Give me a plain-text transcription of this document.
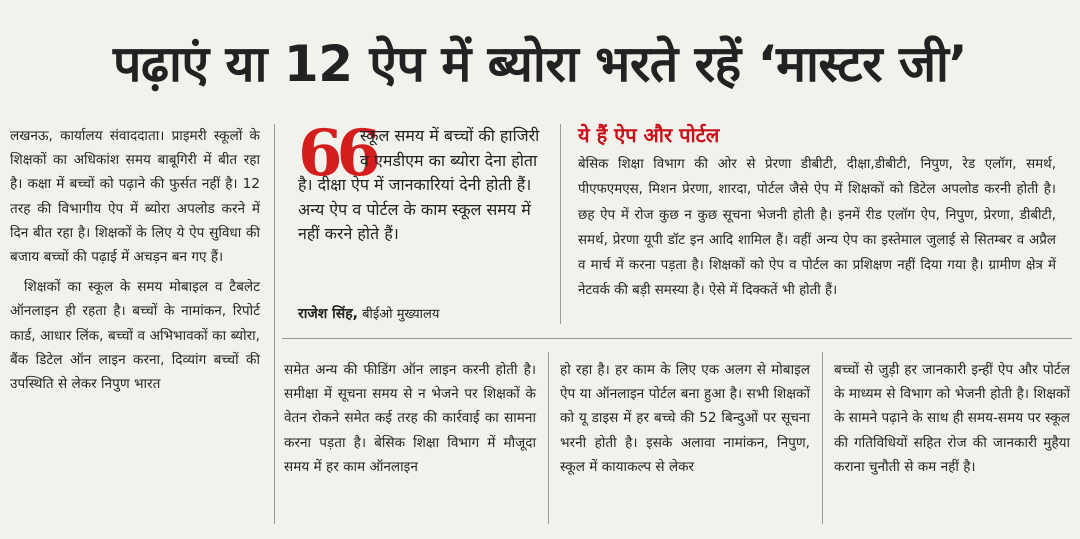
पढ़ाएं या 12 ऐप में ब्योरा भरते रहें ‘मास्टर जी’

लखनऊ, कार्यालय संवाददाता। प्राइमरी स्कूलों के शिक्षकों का अधिकांश समय बाबूगिरी में बीत रहा है। कक्षा में बच्चों को पढ़ाने की फुर्सत नहीं है। 12 तरह की विभागीय ऐप में ब्योरा अपलोड करने में दिन बीत रहा है। शिक्षकों के लिए ये ऐप सुविधा की बजाय बच्चों की पढ़ाई में अचड़न बन गए हैं।

शिक्षकों का स्कूल के समय मोबाइल व टैबलेट ऑनलाइन ही रहता है। बच्चों के नामांकन, रिपोर्ट कार्ड, आधार लिंक, बच्चों व अभिभावकों का ब्योरा, बैंक डिटेल ऑन लाइन करना, दिव्यांग बच्चों की उपस्थिति से लेकर निपुण भारत

66
स्कूल समय में बच्चों की हाजिरी व एमडीएम का ब्योरा देना होता है। दीक्षा ऐप में जानकारियां देनी होती हैं। अन्य ऐप व पोर्टल के काम स्कूल समय में नहीं करने होते हैं।
राजेश सिंह, बीईओ मुख्यालय
ये हैं ऐप और पोर्टल
बेसिक शिक्षा विभाग की ओर से प्रेरणा डीबीटी, दीक्षा,डीबीटी, निपुण, रेड एलॉग, समर्थ, पीएफएमएस, मिशन प्रेरणा, शारदा, पोर्टल जैसे ऐप में शिक्षकों को डिटेल अपलोड करनी होती है। छह ऐप में रोज कुछ न कुछ सूचना भेजनी होती है। इनमें रीड एलॉग ऐप, निपुण, प्रेरणा, डीबीटी, समर्थ, प्रेरणा यूपी डॉट इन आदि शामिल हैं। वहीं अन्य ऐप का इस्तेमाल जुलाई से सितम्बर व अप्रैल व मार्च में करना पड़ता है। शिक्षकों को ऐप व पोर्टल का प्रशिक्षण नहीं दिया गया है। ग्रामीण क्षेत्र में नेटवर्क की बड़ी समस्या है। ऐसे में दिक्कतें भी होती हैं।

समेत अन्य की फीडिंग ऑन लाइन करनी होती है। समीक्षा में सूचना समय से न भेजने पर शिक्षकों के वेतन रोकने समेत कई तरह की कार्रवाई का सामना करना पड़ता है। बेसिक शिक्षा विभाग में मौजूदा समय में हर काम ऑनलाइन

हो रहा है। हर काम के लिए एक अलग से मोबाइल ऐप या ऑनलाइन पोर्टल बना हुआ है। सभी शिक्षकों को यू डाइस में हर बच्चे की 52 बिन्दुओं पर सूचना भरनी होती है। इसके अलावा नामांकन, निपुण, स्कूल में कायाकल्प से लेकर

बच्चों से जुड़ी हर जानकारी इन्हीं ऐप और पोर्टल के माध्यम से विभाग को भेजनी होती है। शिक्षकों के सामने पढ़ाने के साथ ही समय-समय पर स्कूल की गतिविधियों सहित रोज की जानकारी मुहैया कराना चुनौती से कम नहीं है।
